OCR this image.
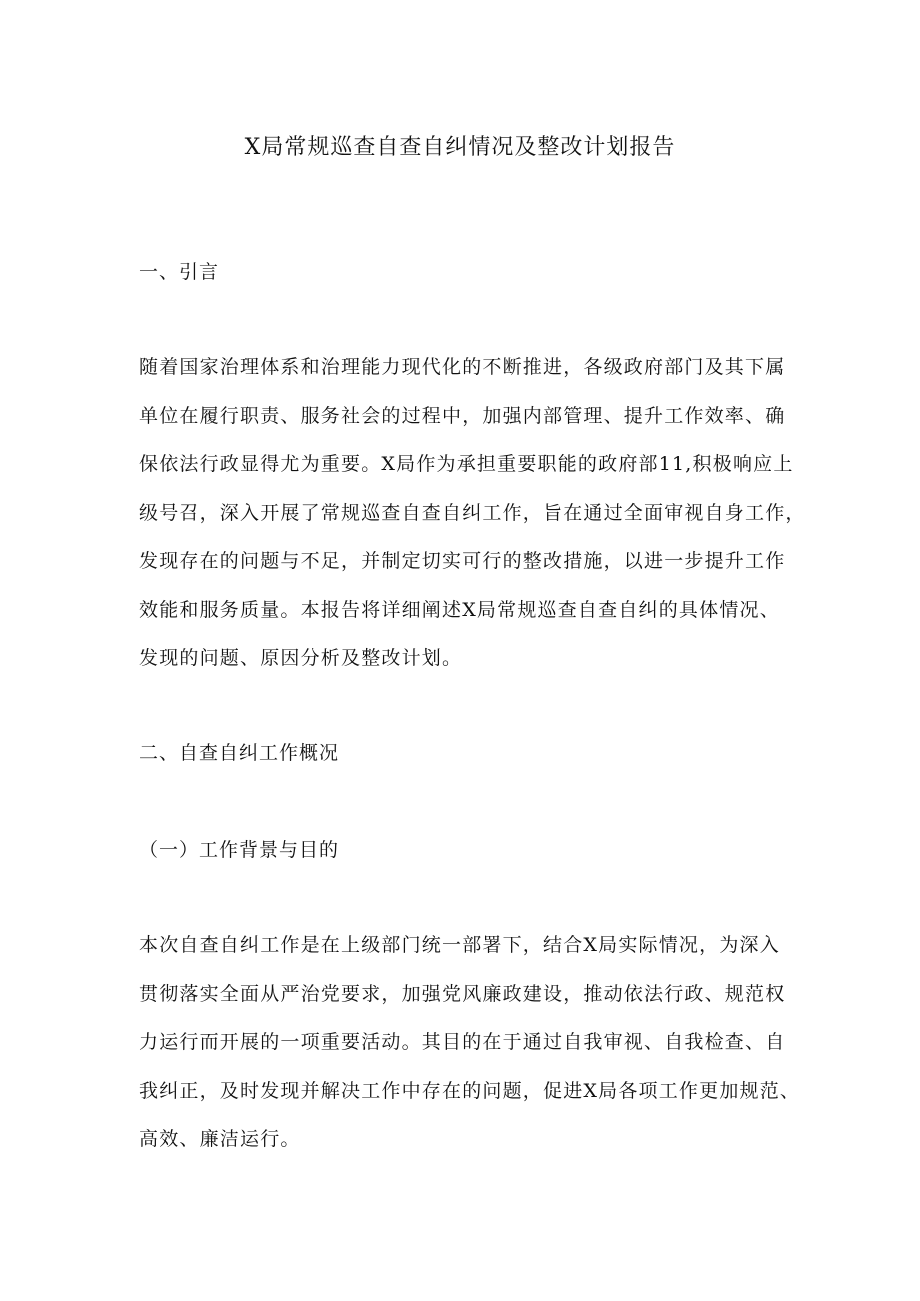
X局常规巡查自查自纠情况及整改计划报告
一、引言
随着国家治理体系和治理能力现代化的不断推进，各级政府部门及其下属
单位在履行职责、服务社会的过程中，加强内部管理、提升工作效率、确
保依法行政显得尤为重要。X局作为承担重要职能的政府部11,积极响应上
级号召，深入开展了常规巡查自查自纠工作，旨在通过全面审视自身工作，
发现存在的问题与不足，并制定切实可行的整改措施，以进一步提升工作
效能和服务质量。本报告将详细阐述X局常规巡查自查自纠的具体情况、
发现的问题、原因分析及整改计划。
二、自查自纠工作概况
（一）工作背景与目的
本次自查自纠工作是在上级部门统一部署下，结合X局实际情况，为深入
贯彻落实全面从严治党要求，加强党风廉政建设，推动依法行政、规范权
力运行而开展的一项重要活动。其目的在于通过自我审视、自我检查、自
我纠正，及时发现并解决工作中存在的问题，促进X局各项工作更加规范、
高效、廉洁运行。
